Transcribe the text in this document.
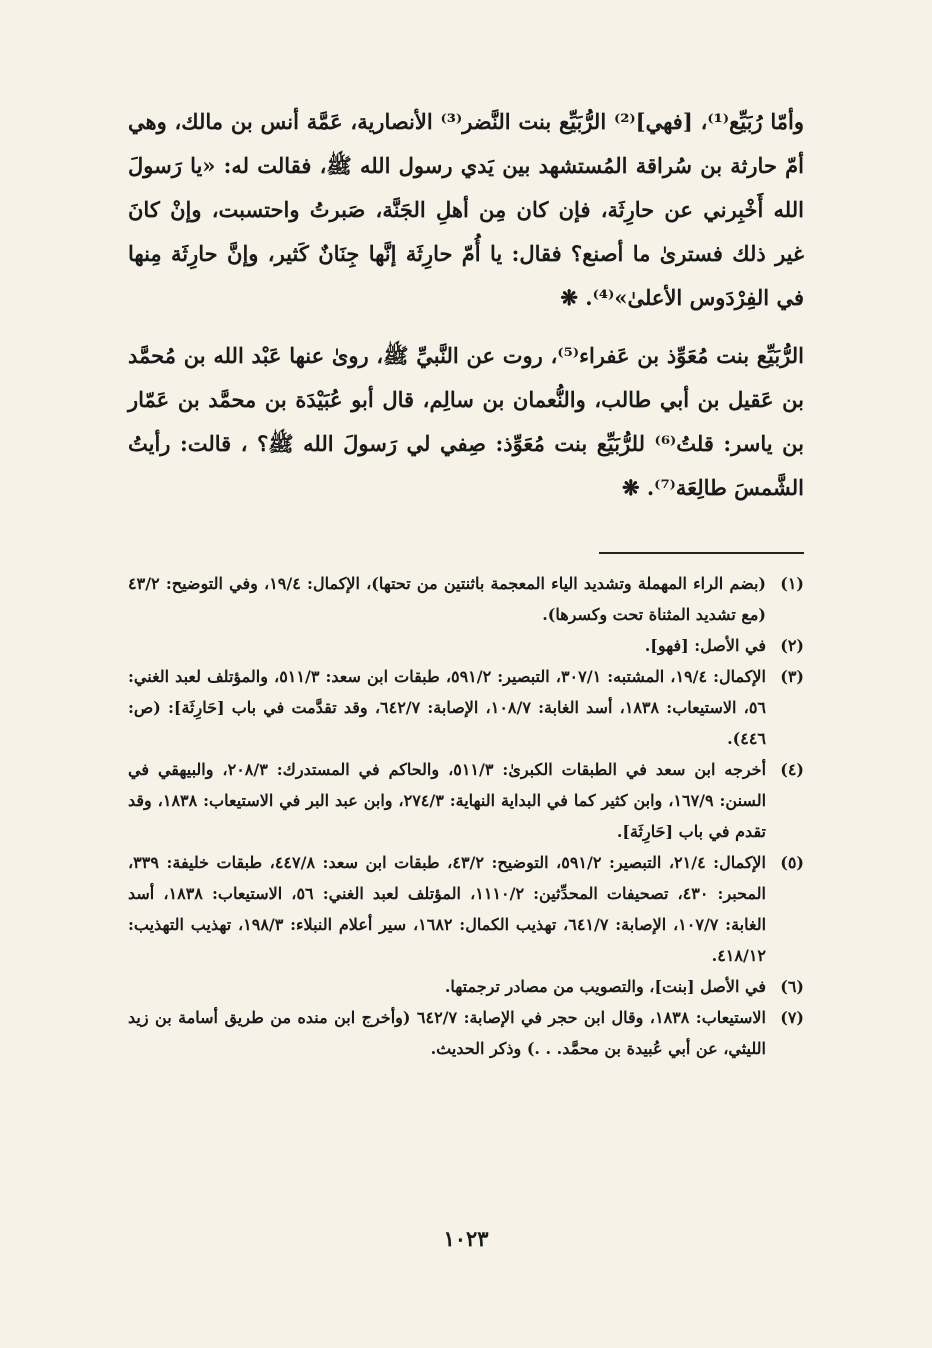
وأمّا رُبَيِّع⁽¹⁾، [فهي]⁽²⁾ الرُّبَيِّع بنت النَّضر⁽³⁾ الأنصارية، عَمَّة أنس بن مالك، وهي أمّ حارثة بن سُراقة المُستشهد بين يَدي رسول الله ﷺ، فقالت له: «يا رَسولَ الله أَخْبِرني عن حارِثَة، فإن كان مِن أهلِ الجَنَّة، صَبرتُ واحتسبت، وإنْ كانَ غير ذلك فسترىٰ ما أصنع؟ فقال: يا أُمّ حارِثَة إنَّها جِنَانٌ كَثير، وإنَّ حارِثَة مِنها في الفِرْدَوس الأعلىٰ»⁽⁴⁾. ❋

الرُّبَيِّع بنت مُعَوِّذ بن عَفراء⁽⁵⁾، روت عن النَّبيِّ ﷺ، روىٰ عنها عَبْد الله بن مُحمَّد بن عَقيل بن أبي طالب، والنُّعمان بن سالِم، قال أبو عُبَيْدَة بن محمَّد بن عَمّار بن ياسر: قلتُ⁽⁶⁾ للرُّبَيِّع بنت مُعَوِّذ: صِفي لي رَسولَ الله ﷺ؟ ، قالت: رأيتُ الشَّمسَ طالِعَة⁽⁷⁾. ❋

(١)
(بضم الراء المهملة وتشديد الياء المعجمة باثنتين من تحتها)، الإكمال: ١٩/٤، وفي التوضيح: ٤٣/٢ (مع تشديد المثناة تحت وكسرها).
(٢)
في الأصل: [فهو].
(٣)
الإكمال: ١٩/٤، المشتبه: ٣٠٧/١، التبصير: ٥٩١/٢، طبقات ابن سعد: ٥١١/٣، والمؤتلف لعبد الغني: ٥٦، الاستيعاب: ١٨٣٨، أسد الغابة: ١٠٨/٧، الإصابة: ٦٤٢/٧، وقد تقدَّمت في باب [حَارِثَة]: (ص: ٤٤٦).
(٤)
أخرجه ابن سعد في الطبقات الكبرىٰ: ٥١١/٣، والحاكم في المستدرك: ٢٠٨/٣، والبيهقي في السنن: ١٦٧/٩، وابن كثير كما في البداية النهاية: ٢٧٤/٣، وابن عبد البر في الاستيعاب: ١٨٣٨، وقد تقدم في باب [حَارِثَة].
(٥)
الإكمال: ٢١/٤، التبصير: ٥٩١/٢، التوضيح: ٤٣/٢، طبقات ابن سعد: ٤٤٧/٨، طبقات خليفة: ٣٣٩، المحبر: ٤٣٠، تصحيفات المحدِّثين: ١١١٠/٢، المؤتلف لعبد الغني: ٥٦، الاستيعاب: ١٨٣٨، أسد الغابة: ١٠٧/٧، الإصابة: ٦٤١/٧، تهذيب الكمال: ١٦٨٢، سير أعلام النبلاء: ١٩٨/٣، تهذيب التهذيب: ٤١٨/١٢.
(٦)
في الأصل [بنت]، والتصويب من مصادر ترجمتها.
(٧)
الاستيعاب: ١٨٣٨، وقال ابن حجر في الإصابة: ٦٤٢/٧ (وأخرج ابن منده من طريق أسامة بن زيد الليثي، عن أبي عُبيدة بن محمَّد. . .) وذكر الحديث.
١٠٢٣
